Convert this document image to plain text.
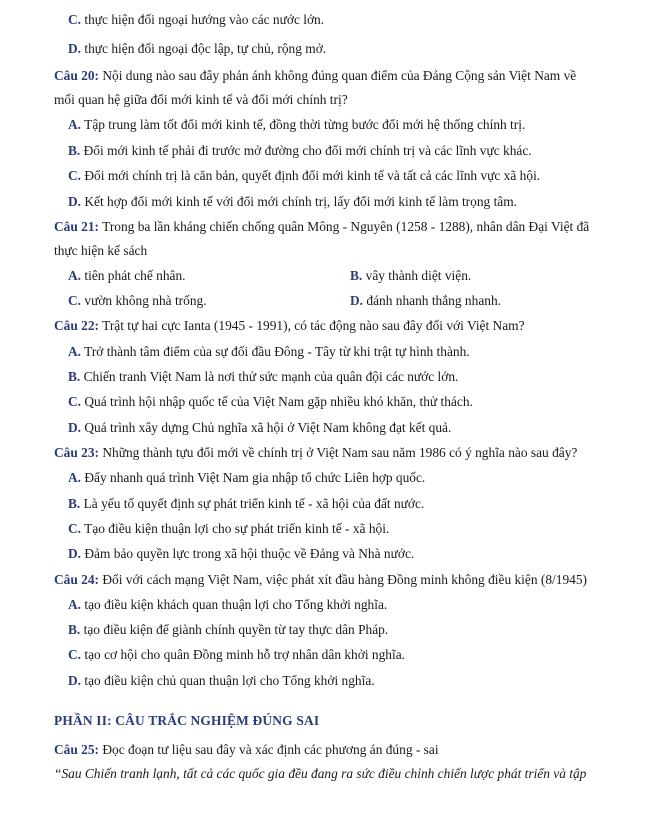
C. thực hiện đối ngoại hướng vào các nước lớn.
D. thực hiện đối ngoại độc lập, tự chủ, rộng mở.
Câu 20: Nội dung nào sau đây phản ánh không đúng quan điểm của Đảng Cộng sản Việt Nam về
mối quan hệ giữa đổi mới kinh tế và đổi mới chính trị?
A. Tập trung làm tốt đổi mới kinh tế, đồng thời từng bước đổi mới hệ thống chính trị.
B. Đổi mới kinh tế phải đi trước mở đường cho đổi mới chính trị và các lĩnh vực khác.
C. Đổi mới chính trị là căn bản, quyết định đổi mới kinh tế và tất cả các lĩnh vực xã hội.
D. Kết hợp đổi mới kinh tế với đổi mới chính trị, lấy đổi mới kinh tế làm trọng tâm.
Câu 21: Trong ba lần kháng chiến chống quân Mông - Nguyên (1258 - 1288), nhân dân Đại Việt đã
thực hiện kế sách
A. tiên phát chế nhân.	B. vây thành diệt viện.
C. vườn không nhà trống.	D. đánh nhanh thắng nhanh.
Câu 22: Trật tự hai cực Ianta (1945 - 1991), có tác động nào sau đây đối với Việt Nam?
A. Trở thành tâm điểm của sự đối đầu Đông - Tây từ khi trật tự hình thành.
B. Chiến tranh Việt Nam là nơi thử sức mạnh của quân đội các nước lớn.
C. Quá trình hội nhập quốc tế của Việt Nam gặp nhiều khó khăn, thử thách.
D. Quá trình xây dựng Chủ nghĩa xã hội ở Việt Nam không đạt kết quả.
Câu 23: Những thành tựu đổi mới về chính trị ở Việt Nam sau năm 1986 có ý nghĩa nào sau đây?
A. Đẩy nhanh quá trình Việt Nam gia nhập tổ chức Liên hợp quốc.
B. Là yếu tố quyết định sự phát triển kinh tế - xã hội của đất nước.
C. Tạo điều kiện thuận lợi cho sự phát triển kinh tế - xã hội.
D. Đảm bảo quyền lực trong xã hội thuộc về Đảng và Nhà nước.
Câu 24: Đối với cách mạng Việt Nam, việc phát xít đầu hàng Đồng minh không điều kiện (8/1945)
A. tạo điều kiện khách quan thuận lợi cho Tổng khởi nghĩa.
B. tạo điều kiện để giành chính quyền từ tay thực dân Pháp.
C. tạo cơ hội cho quân Đồng minh hỗ trợ nhân dân khởi nghĩa.
D. tạo điều kiện chủ quan thuận lợi cho Tổng khởi nghĩa.
PHẦN II: CÂU TRẮC NGHIỆM ĐÚNG SAI
Câu 25: Đọc đoạn tư liệu sau đây và xác định các phương án đúng - sai
“Sau Chiến tranh lạnh, tất cả các quốc gia đều đang ra sức điều chỉnh chiến lược phát triển và tập
